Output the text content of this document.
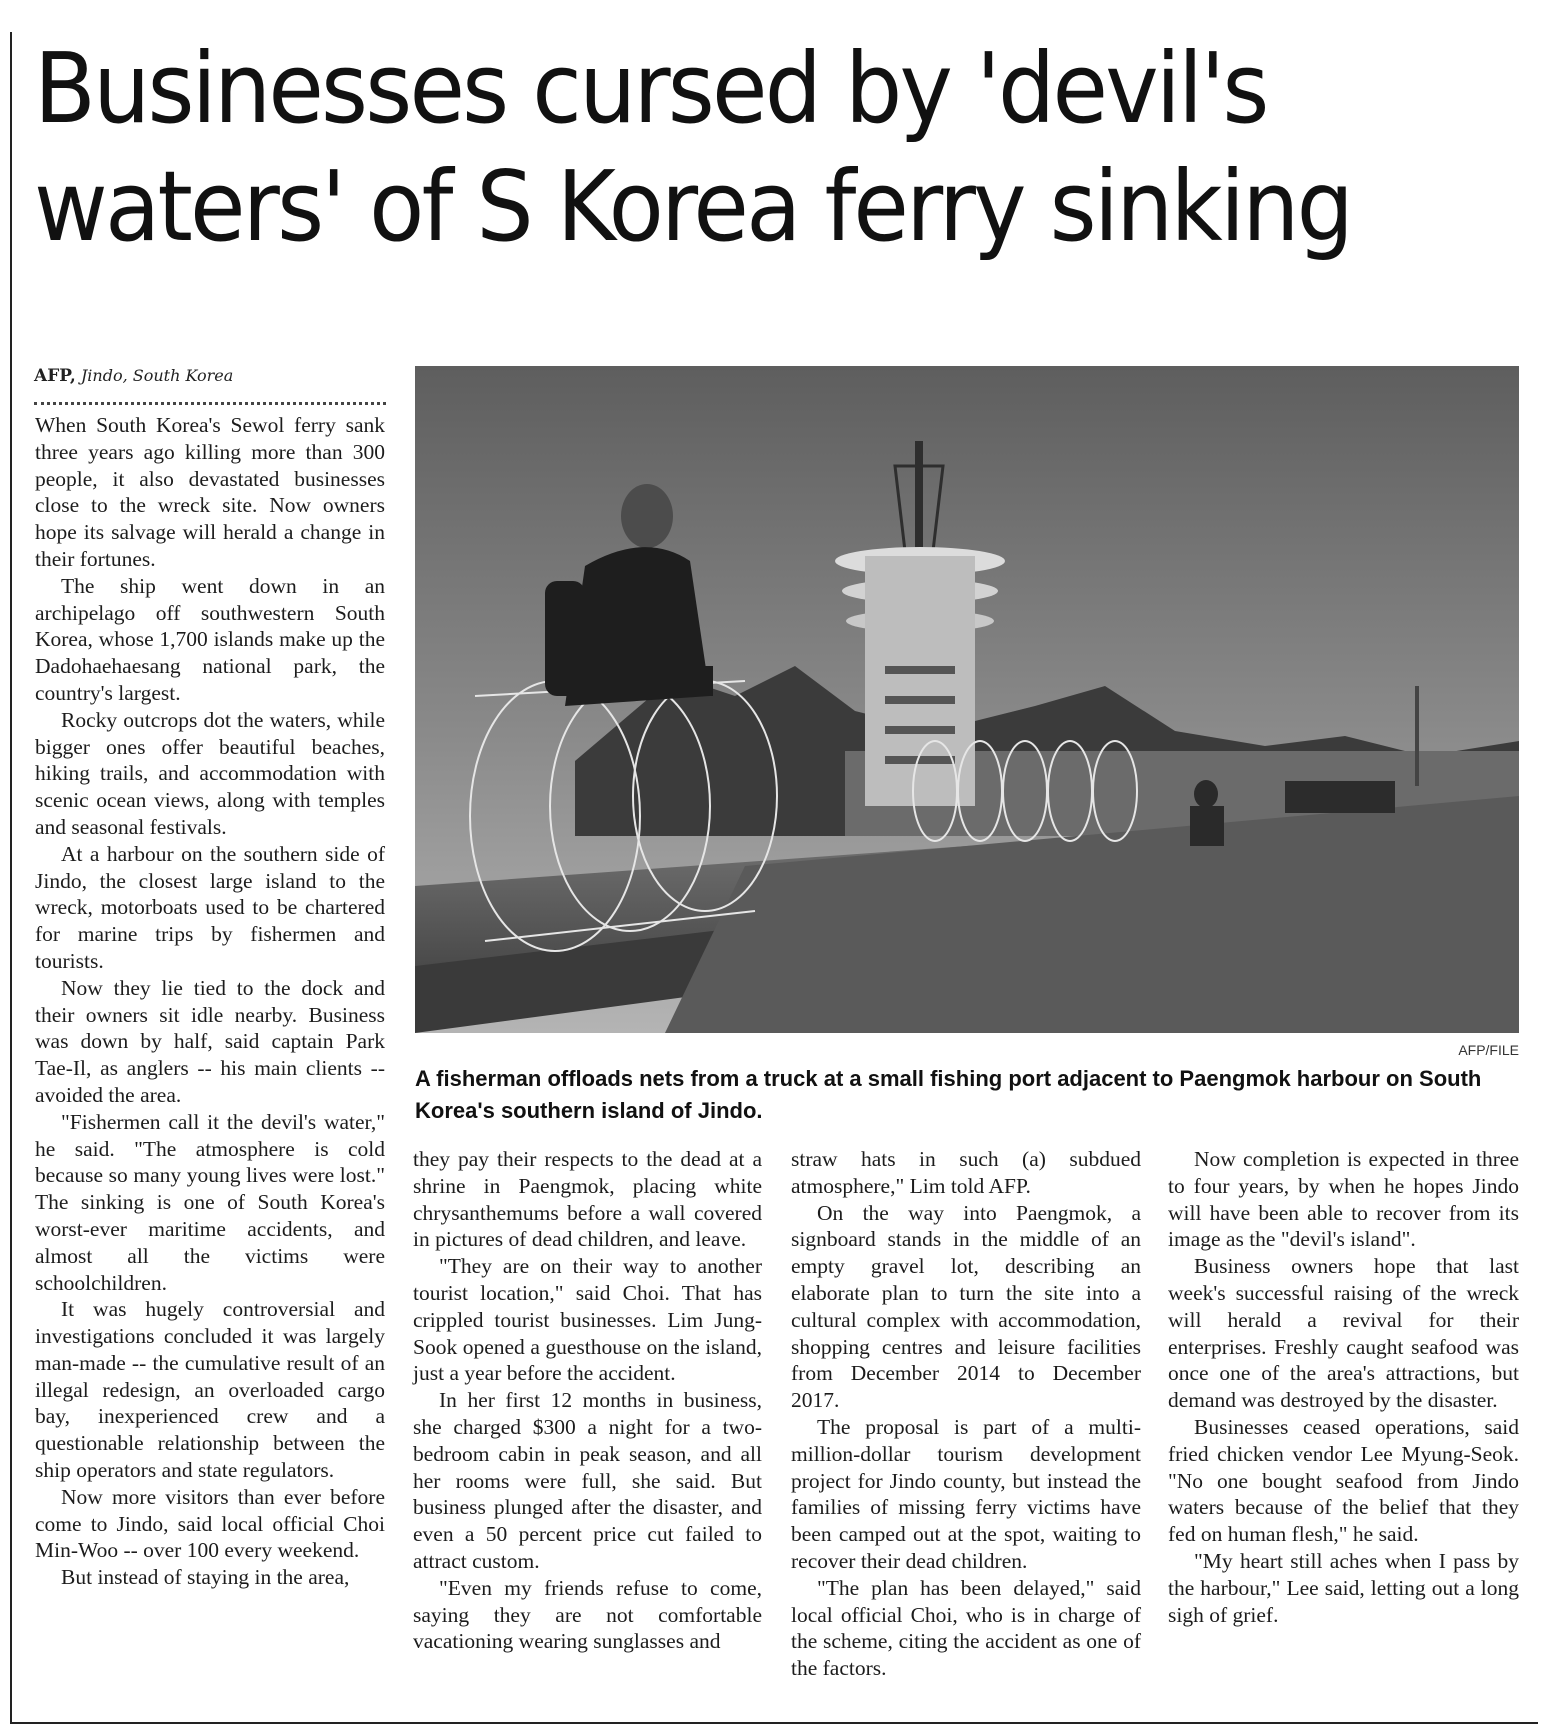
Businesses cursed by 'devil's waters' of S Korea ferry sinking
AFP, Jindo, South Korea

When South Korea's Sewol ferry sank three years ago killing more than 300 people, it also devastated businesses close to the wreck site. Now owners hope its salvage will herald a change in their fortunes.

The ship went down in an archipelago off southwestern South Korea, whose 1,700 islands make up the Dadohaehaesang national park, the country's largest.

Rocky outcrops dot the waters, while bigger ones offer beautiful beaches, hiking trails, and accommodation with scenic ocean views, along with temples and seasonal festivals.

At a harbour on the southern side of Jindo, the closest large island to the wreck, motorboats used to be chartered for marine trips by fishermen and tourists.

Now they lie tied to the dock and their owners sit idle nearby. Business was down by half, said captain Park Tae-Il, as anglers -- his main clients -- avoided the area.

"Fishermen call it the devil's water," he said. "The atmosphere is cold because so many young lives were lost." The sinking is one of South Korea's worst-ever maritime accidents, and almost all the victims were schoolchildren.

It was hugely controversial and investigations concluded it was largely man-made -- the cumulative result of an illegal redesign, an overloaded cargo bay, inexperienced crew and a questionable relationship between the ship operators and state regulators.

Now more visitors than ever before come to Jindo, said local official Choi Min-Woo -- over 100 every weekend.

But instead of staying in the area,

AFP/FILE
A fisherman offloads nets from a truck at a small fishing port adjacent to Paengmok harbour on South Korea's southern island of Jindo.

they pay their respects to the dead at a shrine in Paengmok, placing white chrysanthemums before a wall covered in pictures of dead children, and leave.

"They are on their way to another tourist location," said Choi. That has crippled tourist businesses. Lim Jung-Sook opened a guesthouse on the island, just a year before the accident.

In her first 12 months in business, she charged $300 a night for a two-bedroom cabin in peak season, and all her rooms were full, she said. But business plunged after the disaster, and even a 50 percent price cut failed to attract custom.

"Even my friends refuse to come, saying they are not comfortable vacationing wearing sunglasses and

straw hats in such (a) subdued atmosphere," Lim told AFP.

On the way into Paengmok, a signboard stands in the middle of an empty gravel lot, describing an elaborate plan to turn the site into a cultural complex with accommodation, shopping centres and leisure facilities from December 2014 to December 2017.

The proposal is part of a multi-million-dollar tourism development project for Jindo county, but instead the families of missing ferry victims have been camped out at the spot, waiting to recover their dead children.

"The plan has been delayed," said local official Choi, who is in charge of the scheme, citing the accident as one of the factors.

Now completion is expected in three to four years, by when he hopes Jindo will have been able to recover from its image as the "devil's island".

Business owners hope that last week's successful raising of the wreck will herald a revival for their enterprises. Freshly caught seafood was once one of the area's attractions, but demand was destroyed by the disaster.

Businesses ceased operations, said fried chicken vendor Lee Myung-Seok. "No one bought seafood from Jindo waters because of the belief that they fed on human flesh," he said.

"My heart still aches when I pass by the harbour," Lee said, letting out a long sigh of grief.
